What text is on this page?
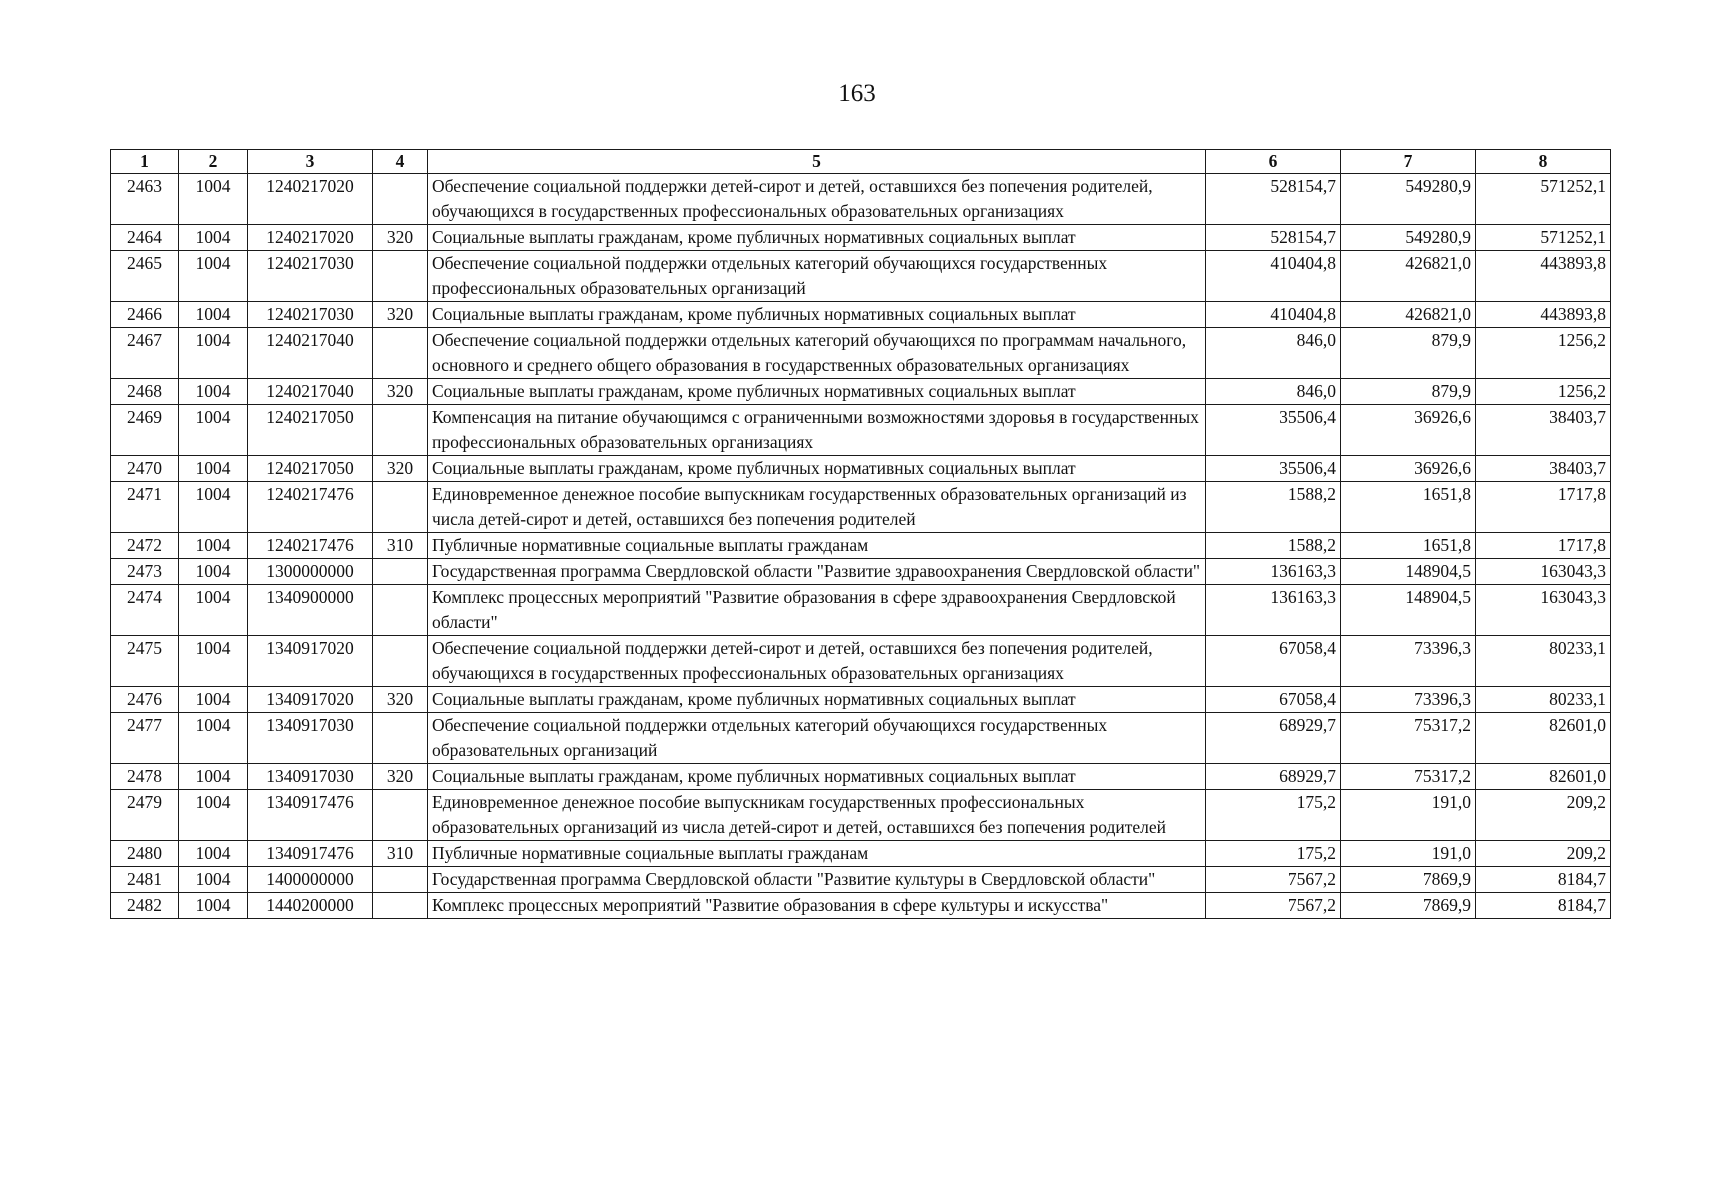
163
1	2	3	4	5	6	7	8
2463	1004	1240217020		Обеспечение социальной поддержки детей-сирот и детей, оставшихся без попечения родителей, обучающихся в государственных профессиональных образовательных организациях	528154,7	549280,9	571252,1
2464	1004	1240217020	320	Социальные выплаты гражданам, кроме публичных нормативных социальных выплат	528154,7	549280,9	571252,1
2465	1004	1240217030		Обеспечение социальной поддержки отдельных категорий обучающихся государственных профессиональных образовательных организаций	410404,8	426821,0	443893,8
2466	1004	1240217030	320	Социальные выплаты гражданам, кроме публичных нормативных социальных выплат	410404,8	426821,0	443893,8
2467	1004	1240217040		Обеспечение социальной поддержки отдельных категорий обучающихся по программам начального, основного и среднего общего образования в государственных образовательных организациях	846,0	879,9	1256,2
2468	1004	1240217040	320	Социальные выплаты гражданам, кроме публичных нормативных социальных выплат	846,0	879,9	1256,2
2469	1004	1240217050		Компенсация на питание обучающимся с ограниченными возможностями здоровья в государственных профессиональных образовательных организациях	35506,4	36926,6	38403,7
2470	1004	1240217050	320	Социальные выплаты гражданам, кроме публичных нормативных социальных выплат	35506,4	36926,6	38403,7
2471	1004	1240217476		Единовременное денежное пособие выпускникам государственных образовательных организаций из числа детей-сирот и детей, оставшихся без попечения родителей	1588,2	1651,8	1717,8
2472	1004	1240217476	310	Публичные нормативные социальные выплаты гражданам	1588,2	1651,8	1717,8
2473	1004	1300000000		Государственная программа Свердловской области "Развитие здравоохранения Свердловской области"	136163,3	148904,5	163043,3
2474	1004	1340900000		Комплекс процессных мероприятий "Развитие образования в сфере здравоохранения Свердловской области"	136163,3	148904,5	163043,3
2475	1004	1340917020		Обеспечение социальной поддержки детей-сирот и детей, оставшихся без попечения родителей, обучающихся в государственных профессиональных образовательных организациях	67058,4	73396,3	80233,1
2476	1004	1340917020	320	Социальные выплаты гражданам, кроме публичных нормативных социальных выплат	67058,4	73396,3	80233,1
2477	1004	1340917030		Обеспечение социальной поддержки отдельных категорий обучающихся государственных образовательных организаций	68929,7	75317,2	82601,0
2478	1004	1340917030	320	Социальные выплаты гражданам, кроме публичных нормативных социальных выплат	68929,7	75317,2	82601,0
2479	1004	1340917476		Единовременное денежное пособие выпускникам государственных профессиональных образовательных организаций из числа детей-сирот и детей, оставшихся без попечения родителей	175,2	191,0	209,2
2480	1004	1340917476	310	Публичные нормативные социальные выплаты гражданам	175,2	191,0	209,2
2481	1004	1400000000		Государственная программа Свердловской области "Развитие культуры в Свердловской области"	7567,2	7869,9	8184,7
2482	1004	1440200000		Комплекс процессных мероприятий "Развитие образования в сфере культуры и искусства"	7567,2	7869,9	8184,7
